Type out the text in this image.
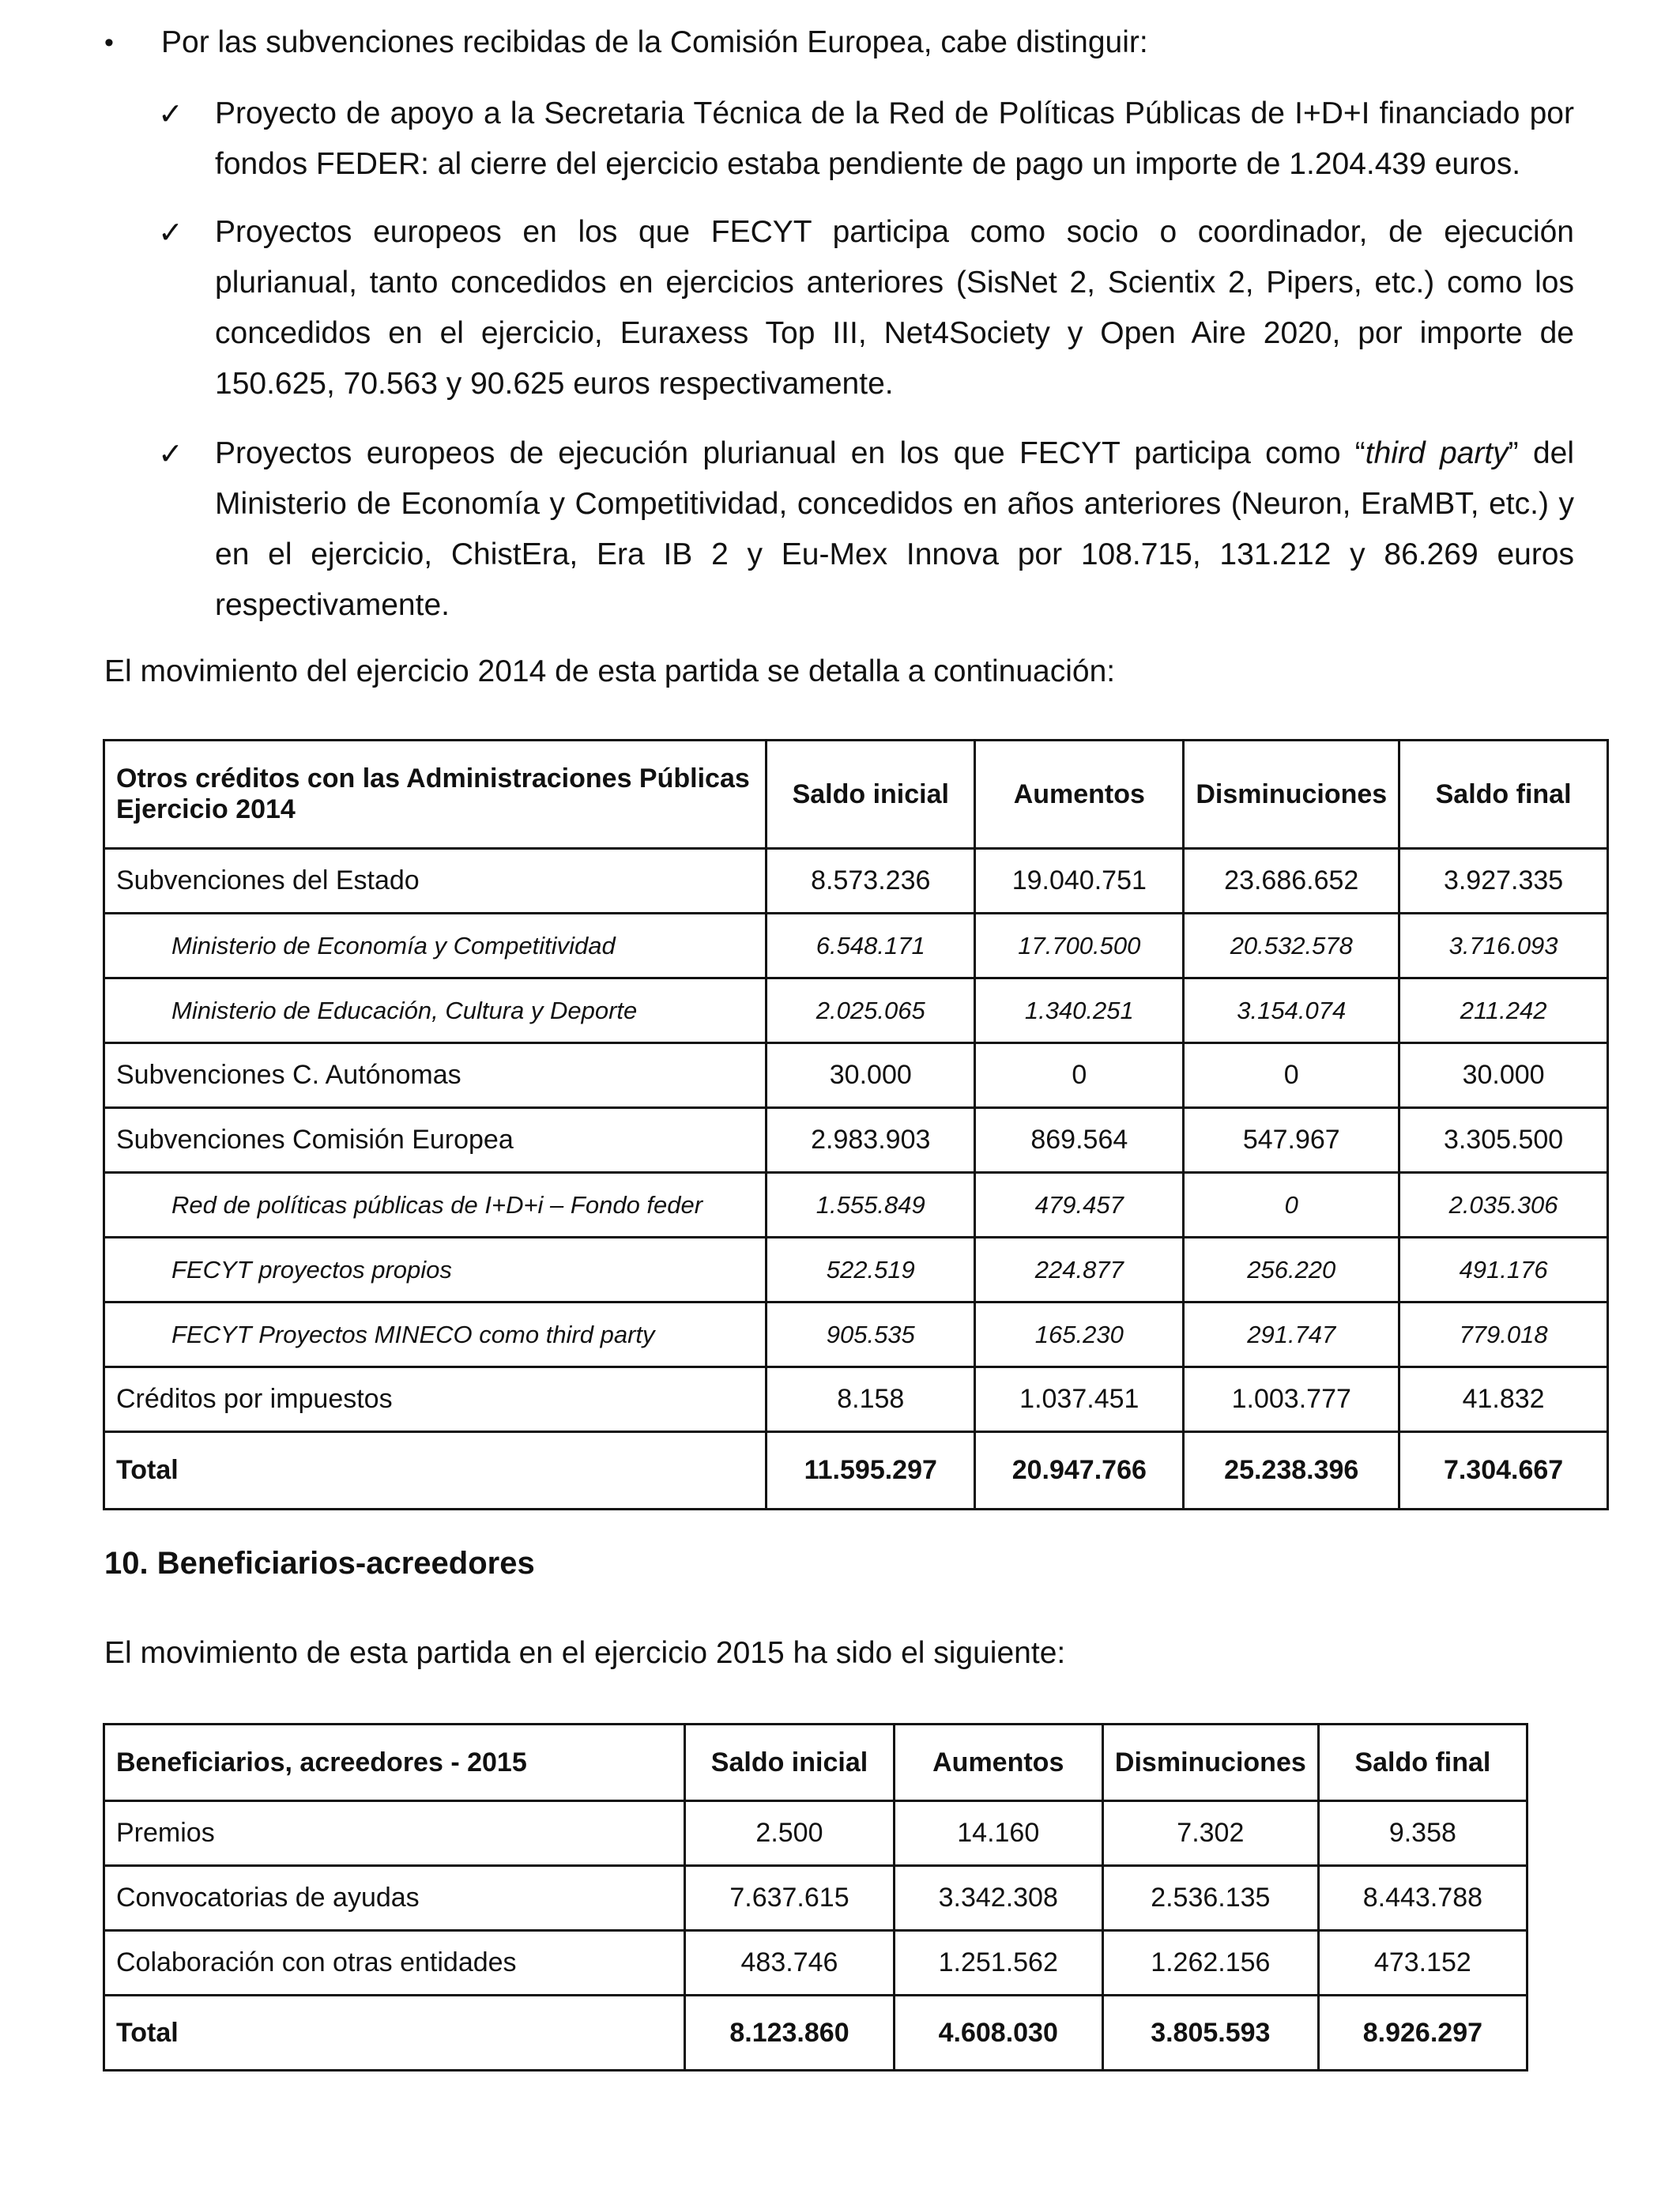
• Por las subvenciones recibidas de la Comisión Europea, cabe distinguir:
✓ Proyecto de apoyo a la Secretaria Técnica de la Red de Políticas Públicas de I+D+I financiado por fondos FEDER: al cierre del ejercicio estaba pendiente de pago un importe de 1.204.439 euros.
✓ Proyectos europeos en los que FECYT participa como socio o coordinador, de ejecución plurianual, tanto concedidos en ejercicios anteriores (SisNet 2, Scientix 2, Pipers, etc.) como los concedidos en el ejercicio, Euraxess Top III, Net4Society y Open Aire 2020, por importe de 150.625, 70.563 y 90.625 euros respectivamente.
✓ Proyectos europeos de ejecución plurianual en los que FECYT participa como “third party” del Ministerio de Economía y Competitividad, concedidos en años anteriores (Neuron, EraMBT, etc.) y en el ejercicio, ChistEra, Era IB 2 y Eu-Mex Innova por 108.715, 131.212 y 86.269 euros respectivamente.
El movimiento del ejercicio 2014 de esta partida se detalla a continuación:
Otros créditos con las Administraciones Públicas
Ejercicio 2014	Saldo inicial	Aumentos	Disminuciones	Saldo final
Subvenciones del Estado	8.573.236	19.040.751	23.686.652	3.927.335
Ministerio de Economía y Competitividad	6.548.171	17.700.500	20.532.578	3.716.093
Ministerio de Educación, Cultura y Deporte	2.025.065	1.340.251	3.154.074	211.242
Subvenciones C. Autónomas	30.000	0	0	30.000
Subvenciones Comisión Europea	2.983.903	869.564	547.967	3.305.500
Red de políticas públicas de I+D+i – Fondo feder	1.555.849	479.457	0	2.035.306
FECYT proyectos propios	522.519	224.877	256.220	491.176
FECYT Proyectos MINECO como third party	905.535	165.230	291.747	779.018
Créditos por impuestos	8.158	1.037.451	1.003.777	41.832
Total	11.595.297	20.947.766	25.238.396	7.304.667
10. Beneficiarios-acreedores
El movimiento de esta partida en el ejercicio 2015 ha sido el siguiente:
Beneficiarios, acreedores - 2015	Saldo inicial	Aumentos	Disminuciones	Saldo final
Premios	2.500	14.160	7.302	9.358
Convocatorias de ayudas	7.637.615	3.342.308	2.536.135	8.443.788
Colaboración con otras entidades	483.746	1.251.562	1.262.156	473.152
Total	8.123.860	4.608.030	3.805.593	8.926.297
